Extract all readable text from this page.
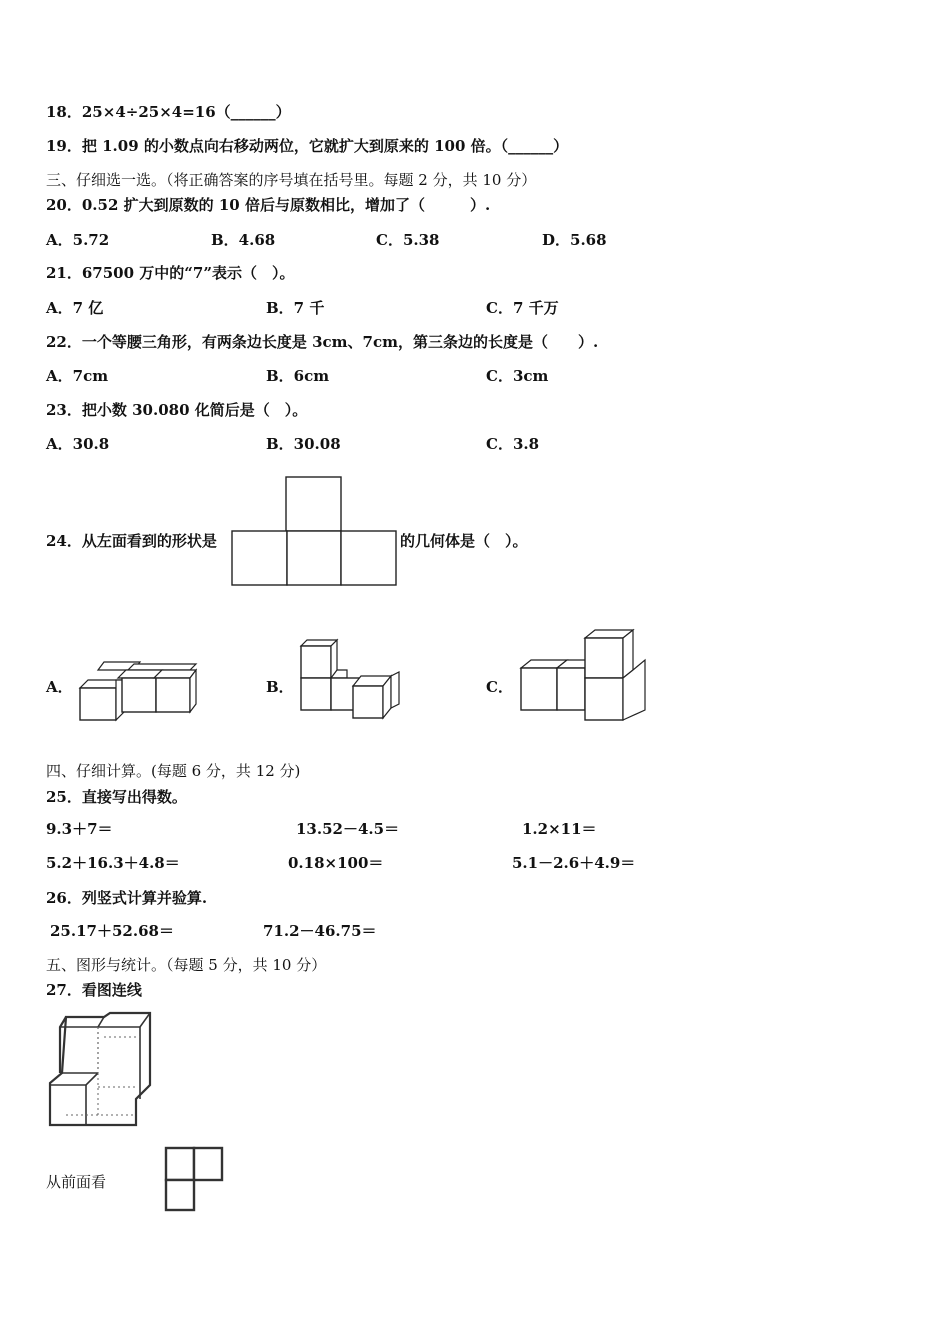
18．25×4÷25×4=16（______）
19．把 1.09 的小数点向右移动两位，它就扩大到原来的 100 倍。（______）
三、仔细选一选。（将正确答案的序号填在括号里。每题 2 分，共 10 分）
20．0.52 扩大到原数的 10 倍后与原数相比，增加了（　　　）.
A．5.72	B．4.68	C．5.38	D．5.68
21．67500 万中的“7”表示（　）。
A．7 亿	B．7 千	C．7 千万
22．一个等腰三角形，有两条边长度是 3cm、7cm，第三条边的长度是（　　）.
A．7cm	B．6cm	C．3cm
23．把小数 30.080 化简后是（　）。
A．30.8	B．30.08	C．3.8
24．从左面看到的形状是	的几何体是（　）。
A．	B．	C．
四、仔细计算。(每题 6 分，共 12 分)
25．直接写出得数。
9.3＋7＝	13.52－4.5＝	1.2×11＝
5.2＋16.3＋4.8＝	0.18×100＝	5.1－2.6＋4.9＝
26．列竖式计算并验算.
25.17＋52.68＝	71.2－46.75＝
五、图形与统计。（每题 5 分，共 10 分）
27．看图连线
从前面看
